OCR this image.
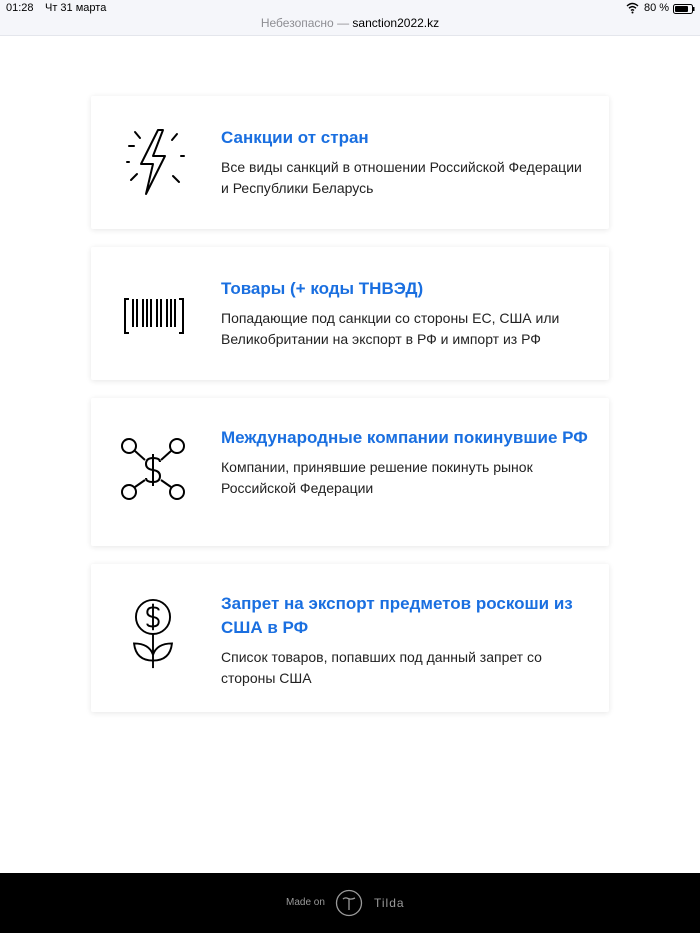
01:28 Чт 31 марта	80 %
Небезопасно — sanction2022.kz
Санкции от стран
Все виды санкций в отношении Российской Федерации и Республики Беларусь
Товары (+ коды ТНВЭД)
Попадающие под санкции со стороны ЕС, США или Великобритании на экспорт в РФ и импорт из РФ
Международные компании покинувшие РФ
Компании, принявшие решение покинуть рынок Российской Федерации
Запрет на экспорт предметов роскоши из США в РФ
Список товаров, попавших под данный запрет со стороны США
Made on	Tilda
